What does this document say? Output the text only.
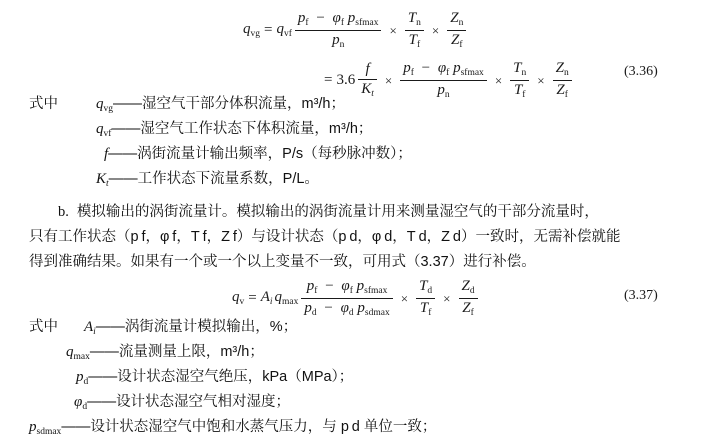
$q_{vg} = q_{vf} \frac{p_f - \varphi_f p_{sfmax}}{p_n} \times \frac{T_n}{T_f} \times \frac{Z_n}{Z_f}$
= $3.6 \frac{f}{Kt} \times \frac{p_f - \varphi_f p_{sfmax}}{p_n} \times \frac{T_n}{T_f} \times \frac{Z_n}{Z_f}$	(3.36)
式中	$q_{vg}——$湿空气干部分体积流量，m³/h；
$q_{vf}——$湿空气工作状态下体积流量，m³/h；
f——涡街流量计输出频率，P/s（每秒脉冲数）；
Kt——工作状态下流量系数，P/L。
b. 模拟输出的涡街流量计。模拟输出的涡街流量计用来测量湿空气的干部分流量时，
只有工作状态（p f，φ f，T f，Z f）与设计状态（p d，φ d，T d，Z d）一致时，无需补偿就能
得到准确结果。如果有一个或一个以上变量不一致，可用式（3.37）进行补偿。
$q_v = Ai$ $q_{max} \frac{p_f - \varphi_f p_{sfmax}}{p_d - \varphi_d p_{sdmax}} \times \frac{T_d}{T_f} \times \frac{Z_d}{Z_f}$	(3.37)
式中 Ai——涡街流量计模拟输出，%；
$q_{max}——$流量测量上限，m³/h；
$p_d——$设计状态湿空气绝压，kPa（MPa）；
$\varphi_d——$设计状态湿空气相对湿度；
$p_{sdmax}——$设计状态湿空气中饱和水蒸气压力，与 p d 单位一致；
